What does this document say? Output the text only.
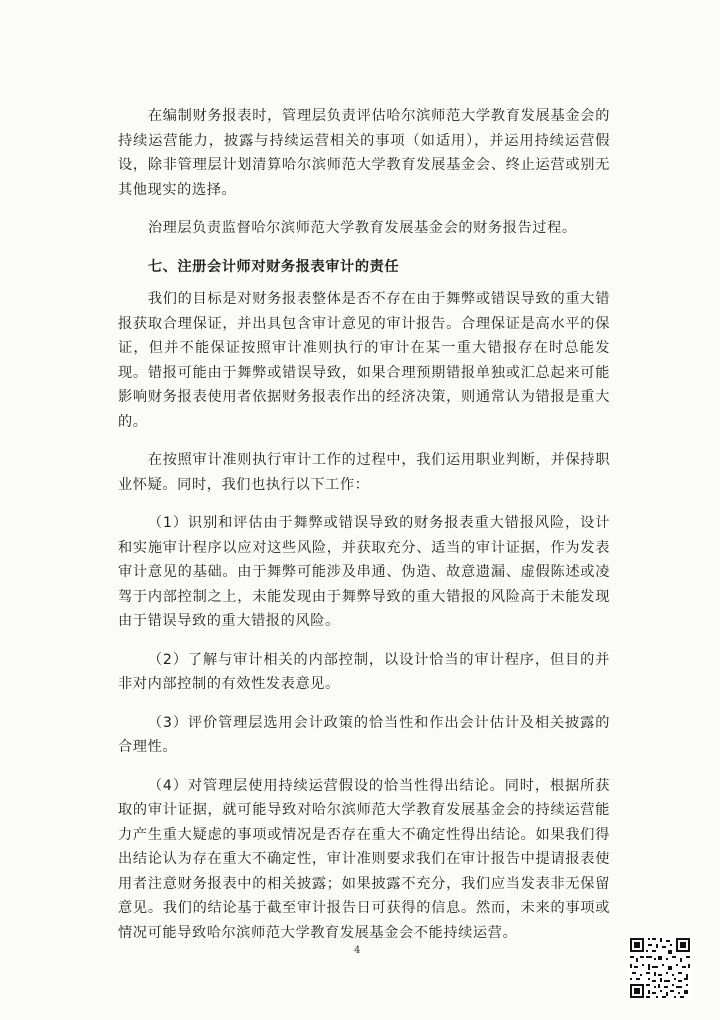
在编制财务报表时，管理层负责评估哈尔滨师范大学教育发展基金会的持续运营能力，披露与持续运营相关的事项（如适用），并运用持续运营假设，除非管理层计划清算哈尔滨师范大学教育发展基金会、终止运营或别无其他现实的选择。

治理层负责监督哈尔滨师范大学教育发展基金会的财务报告过程。

七、注册会计师对财务报表审计的责任

我们的目标是对财务报表整体是否不存在由于舞弊或错误导致的重大错报获取合理保证，并出具包含审计意见的审计报告。合理保证是高水平的保证，但并不能保证按照审计准则执行的审计在某一重大错报存在时总能发现。错报可能由于舞弊或错误导致，如果合理预期错报单独或汇总起来可能影响财务报表使用者依据财务报表作出的经济决策，则通常认为错报是重大的。

在按照审计准则执行审计工作的过程中，我们运用职业判断，并保持职业怀疑。同时，我们也执行以下工作：

（1）识别和评估由于舞弊或错误导致的财务报表重大错报风险，设计和实施审计程序以应对这些风险，并获取充分、适当的审计证据，作为发表审计意见的基础。由于舞弊可能涉及串通、伪造、故意遗漏、虚假陈述或凌驾于内部控制之上，未能发现由于舞弊导致的重大错报的风险高于未能发现由于错误导致的重大错报的风险。

（2）了解与审计相关的内部控制，以设计恰当的审计程序，但目的并非对内部控制的有效性发表意见。

（3）评价管理层选用会计政策的恰当性和作出会计估计及相关披露的合理性。

（4）对管理层使用持续运营假设的恰当性得出结论。同时，根据所获取的审计证据，就可能导致对哈尔滨师范大学教育发展基金会的持续运营能力产生重大疑虑的事项或情况是否存在重大不确定性得出结论。如果我们得出结论认为存在重大不确定性，审计准则要求我们在审计报告中提请报表使用者注意财务报表中的相关披露；如果披露不充分，我们应当发表非无保留意见。我们的结论基于截至审计报告日可获得的信息。然而，未来的事项或情况可能导致哈尔滨师范大学教育发展基金会不能持续运营。

4
